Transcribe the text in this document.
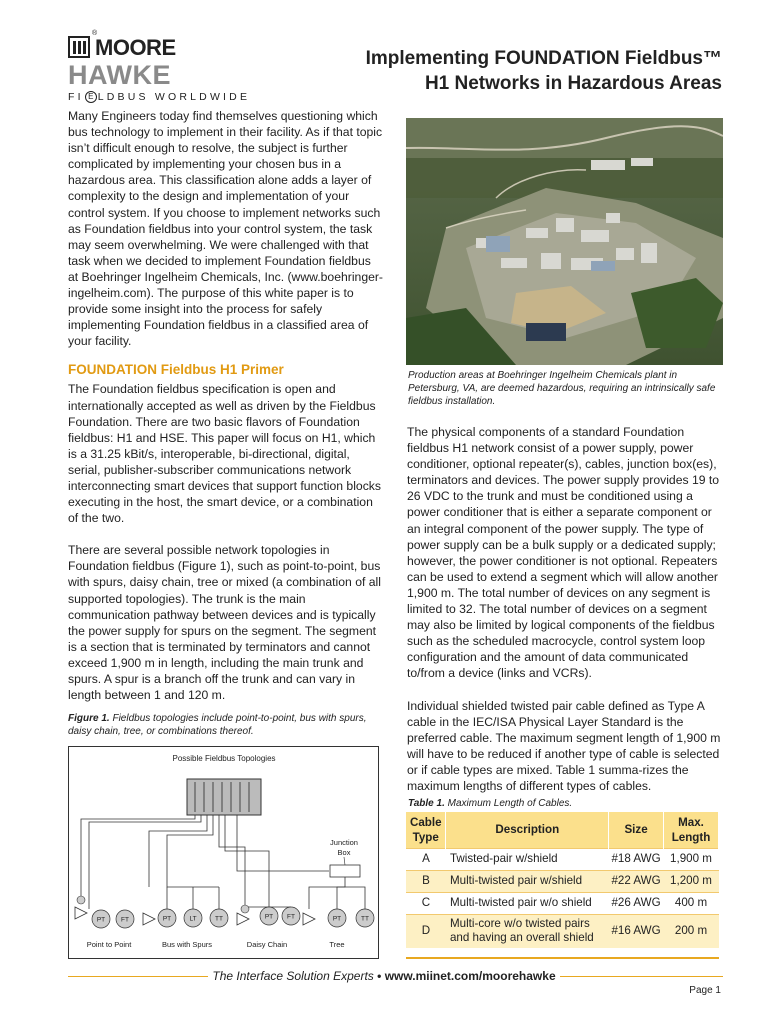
®
MOORE
HAWKE
FI E LDBUS WORLDWIDE
Implementing FOUNDATION Fieldbus™
H1 Networks in Hazardous Areas

Many Engineers today find themselves questioning which bus technology to implement in their facility. As if that topic isn’t difficult enough to resolve, the subject is further complicated by implementing your chosen bus in a hazardous area. This classification alone adds a layer of complexity to the design and implementation of your control system. If you choose to implement networks such as Foundation fieldbus into your control system, the task may seem overwhelming. We were challenged with that task when we decided to implement Foundation fieldbus at Boehringer Ingelheim Chemicals, Inc. (www.boehringer-ingelheim.com). The purpose of this white paper is to provide some insight into the process for safely implementing Foundation fieldbus in a classified area of your facility.

FOUNDATION Fieldbus H1 Primer

The Foundation fieldbus specification is open and internationally accepted as well as driven by the Fieldbus Foundation. There are two basic flavors of Foundation fieldbus: H1 and HSE. This paper will focus on H1, which is a 31.25 kBit/s, interoperable, bi-directional, digital, serial, publisher-subscriber communications network interconnecting smart devices that support function blocks executing in the host, the smart device, or a combination of the two.

There are several possible network topologies in Foundation fieldbus (Figure 1), such as point-to-point, bus with spurs, daisy chain, tree or mixed (a combination of all supported topologies). The trunk is the main communication pathway between devices and is typically the power supply for spurs on the segment. The segment is a section that is terminated by terminators and cannot exceed 1,900 m in length, including the main trunk and spurs. A spur is a branch off the trunk and can vary in length between 1 and 120 m.

Figure 1. Fieldbus topologies include point-to-point, bus with spurs, daisy chain, tree, or combinations thereof.
Possible Fieldbus Topologies
Junction
Box
PT FT	PT	LT	TT	PT FT	PT	TT
Point to Point	Bus with Spurs	Daisy Chain	Tree
Production areas at Boehringer Ingelheim Chemicals plant in Petersburg, VA, are deemed hazardous, requiring an intrinsically safe fieldbus installation.

The physical components of a standard Foundation fieldbus H1 network consist of a power supply, power conditioner, optional repeater(s), cables, junction box(es), terminators and devices. The power supply provides 19 to 26 VDC to the trunk and must be conditioned using a power conditioner that is either a separate component or an integral component of the power supply. The type of power supply can be a bulk supply or a dedicated supply; however, the power conditioner is not optional. Repeaters can be used to extend a segment which will allow another 1,900 m. The total number of devices on any segment is limited to 32. The total number of devices on a segment may also be limited by logical components of the fieldbus such as the scheduled macrocycle, control system loop configuration and the amount of data communicated to/from a device (links and VCRs).

Individual shielded twisted pair cable defined as Type A cable in the IEC/ISA Physical Layer Standard is the preferred cable. The maximum segment length of 1,900 m will have to be reduced if another type of cable is selected or if cable types are mixed. Table 1 summa-rizes the maximum lengths of different types of cables.

Table 1. Maximum Length of Cables.
Cable Type	Description	Size	Max. Length
A	Twisted-pair w/shield	#18 AWG	1,900 m
B	Multi-twisted pair w/shield	#22 AWG	1,200 m
C	Multi-twisted pair w/o shield	#26 AWG	400 m
D	Multi-core w/o twisted pairs and having an overall shield	#16 AWG	200 m
The Interface Solution Experts • www.miinet.com/moorehawke
Page 1
